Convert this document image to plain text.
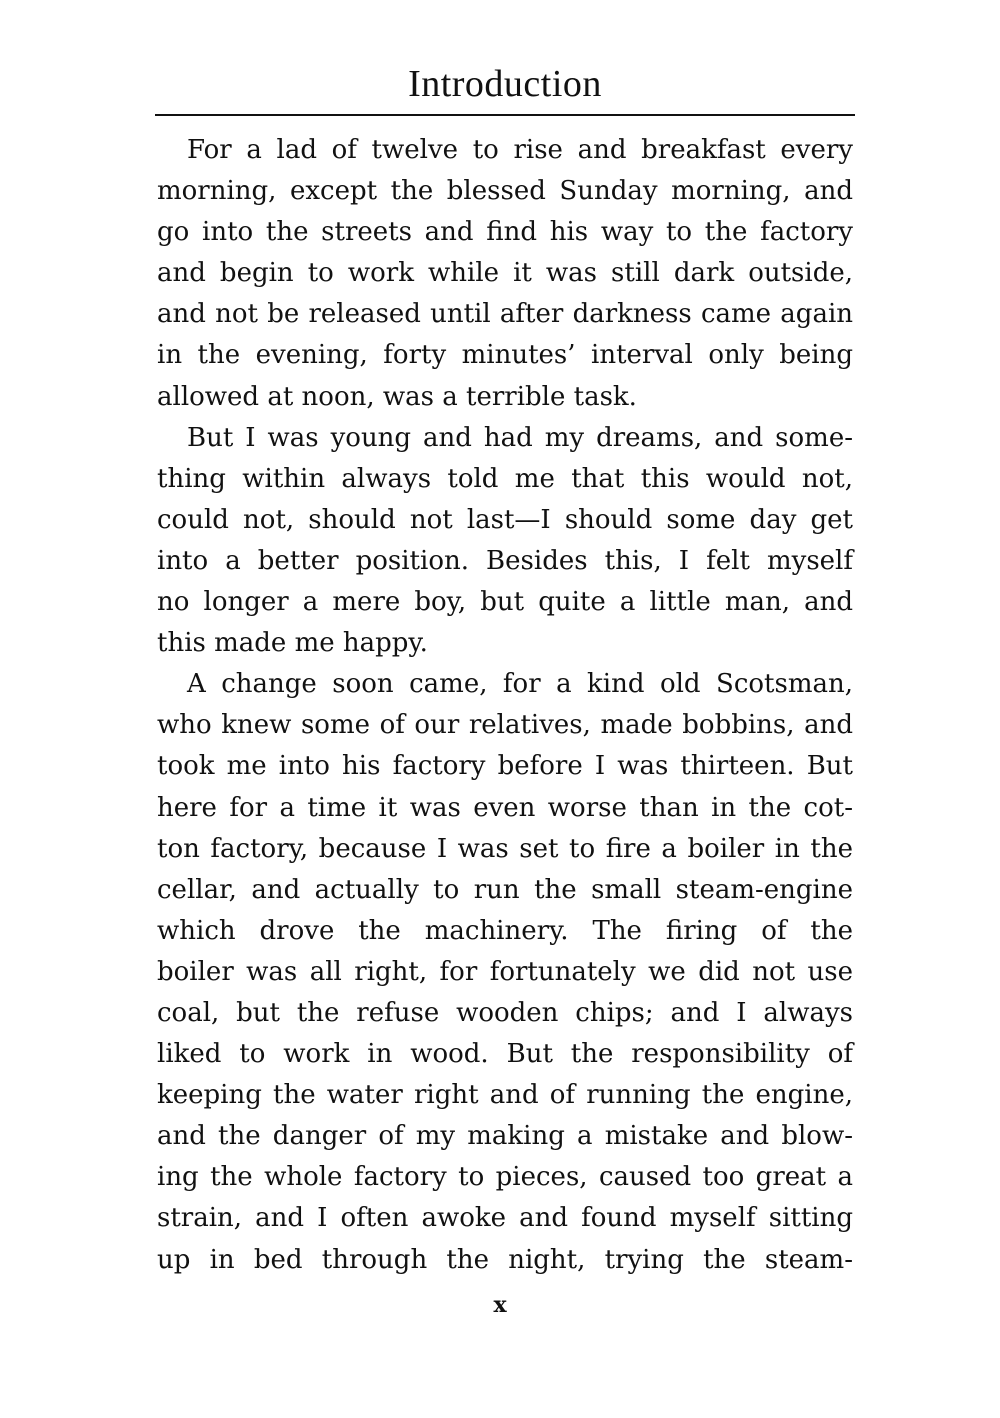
Introduction
For a lad of twelve to rise and breakfast every
morning, except the blessed Sunday morning, and
go into the streets and find his way to the factory
and begin to work while it was still dark outside,
and not be released until after darkness came again
in the evening, forty minutes’ interval only being
allowed at noon, was a terrible task.
But I was young and had my dreams, and some-
thing within always told me that this would not,
could not, should not last—I should some day get
into a better position. Besides this, I felt myself
no longer a mere boy, but quite a little man, and
this made me happy.
A change soon came, for a kind old Scotsman,
who knew some of our relatives, made bobbins, and
took me into his factory before I was thirteen. But
here for a time it was even worse than in the cot-
ton factory, because I was set to fire a boiler in the
cellar, and actually to run the small steam-engine
which drove the machinery. The firing of the
boiler was all right, for fortunately we did not use
coal, but the refuse wooden chips; and I always
liked to work in wood. But the responsibility of
keeping the water right and of running the engine,
and the danger of my making a mistake and blow-
ing the whole factory to pieces, caused too great a
strain, and I often awoke and found myself sitting
up in bed through the night, trying the steam-
x
